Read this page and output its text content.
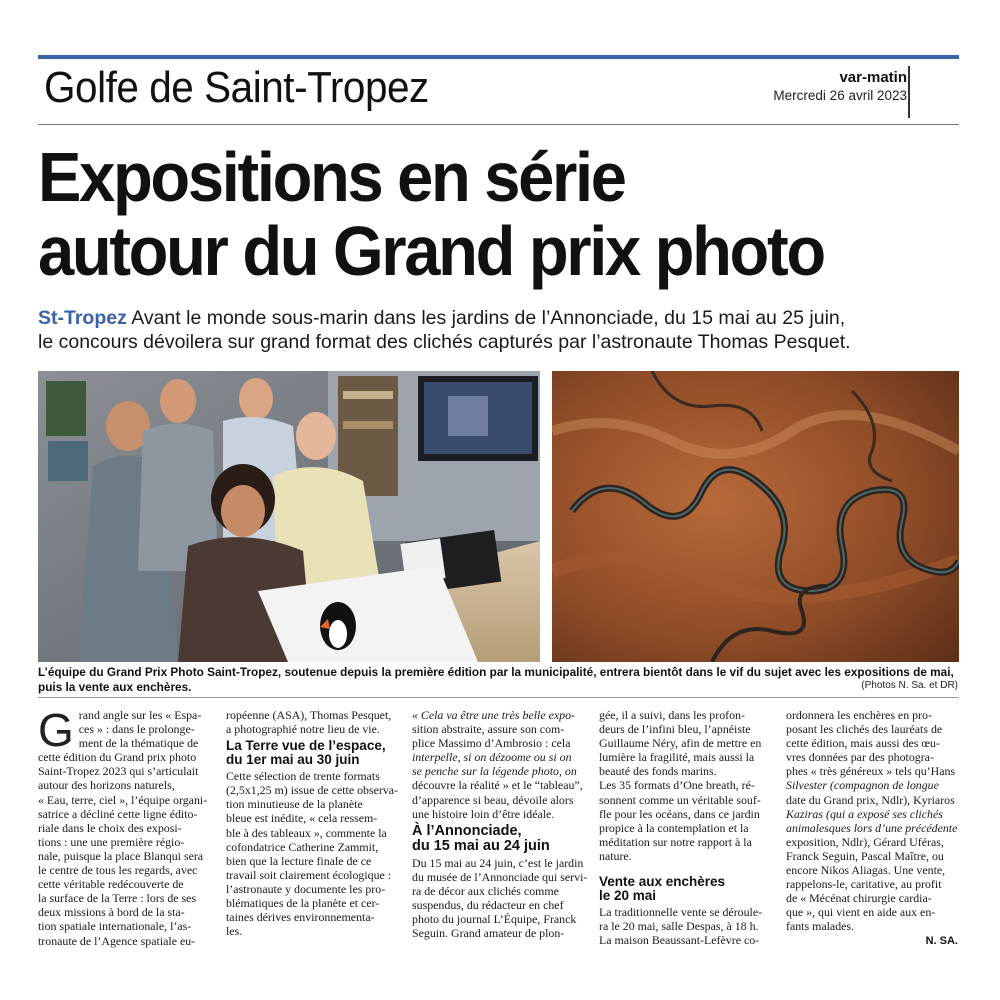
Golfe de Saint-Tropez	var-matin
Mercredi 26 avril 2023
Expositions en série
autour du Grand prix photo
St-Tropez Avant le monde sous-marin dans les jardins de l’Annonciade, du 15 mai au 25 juin,
le concours dévoilera sur grand format des clichés capturés par l’astronaute Thomas Pesquet.
L’équipe du Grand Prix Photo Saint-Tropez, soutenue depuis la première édition par la municipalité, entrera bientôt dans le vif du sujet avec les expositions de mai,
puis la vente aux enchères.	(Photos N. Sa. et DR)
G rand angle sur les « Espa-
ces » : dans le prolonge-
ment de la thématique de
cette édition du Grand prix photo
Saint-Tropez 2023 qui s’articulait
autour des horizons naturels,
« Eau, terre, ciel », l’équipe organi-
satrice a décliné cette ligne édito-
riale dans le choix des exposi-
tions : une une première régio-
nale, puisque la place Blanqui sera
le centre de tous les regards, avec
cette véritable redécouverte de
la surface de la Terre : lors de ses
deux missions à bord de la sta-
tion spatiale internationale, l’as-
tronaute de l’Agence spatiale eu-
ropéenne (ASA), Thomas Pesquet,
a photographié notre lieu de vie.
La Terre vue de l’espace,
du 1er mai au 30 juin
Cette sélection de trente formats
(2,5x1,25 m) issue de cette observa-
tion minutieuse de la planète
bleue est inédite, « cela ressem-
ble à des tableaux », commente la
cofondatrice Catherine Zammit,
bien que la lecture finale de ce
travail soit clairement écologique :
l’astronaute y documente les pro-
blématiques de la planète et cer-
taines dérives environnementa-
les.
« Cela va être une très belle expo-
sition abstraite, assure son com-
plice Massimo d’Ambrosio : cela
interpelle, si on dézoome ou si on
se penche sur la légende photo, on
découvre la réalité » et le “tableau”,
d’apparence si beau, dévoile alors
une histoire loin d’être idéale.
À l’Annonciade,
du 15 mai au 24 juin
Du 15 mai au 24 juin, c’est le jardin
du musée de l’Annonciade qui servi-
ra de décor aux clichés comme
suspendus, du rédacteur en chef
photo du journal L’Équipe, Franck
Seguin. Grand amateur de plon-
gée, il a suivi, dans les profon-
deurs de l’infini bleu, l’apnéiste
Guillaume Néry, afin de mettre en
lumière la fragilité, mais aussi la
beauté des fonds marins.
Les 35 formats d’One breath, ré-
sonnent comme un véritable souf-
fle pour les océans, dans ce jardin
propice à la contemplation et la
méditation sur notre rapport à la
nature.
Vente aux enchères
le 20 mai
La traditionnelle vente se déroule-
ra le 20 mai, salle Despas, à 18 h.
La maison Beaussant-Lefèvre co-
ordonnera les enchères en pro-
posant les clichés des lauréats de
cette édition, mais aussi des œu-
vres données par des photogra-
phes « très généreux » tels qu’Hans
Silvester (compagnon de longue
date du Grand prix, Ndlr), Kyriaros
Kaziras (qui a exposé ses clichés
animalesques lors d’une précédente
exposition, Ndlr), Gérard Uféras,
Franck Seguin, Pascal Maître, ou
encore Nikos Aliagas. Une vente,
rappelons-le, caritative, au profit
de « Mécénat chirurgie cardia-
que », qui vient en aide aux en-
fants malades.
N. SA.
